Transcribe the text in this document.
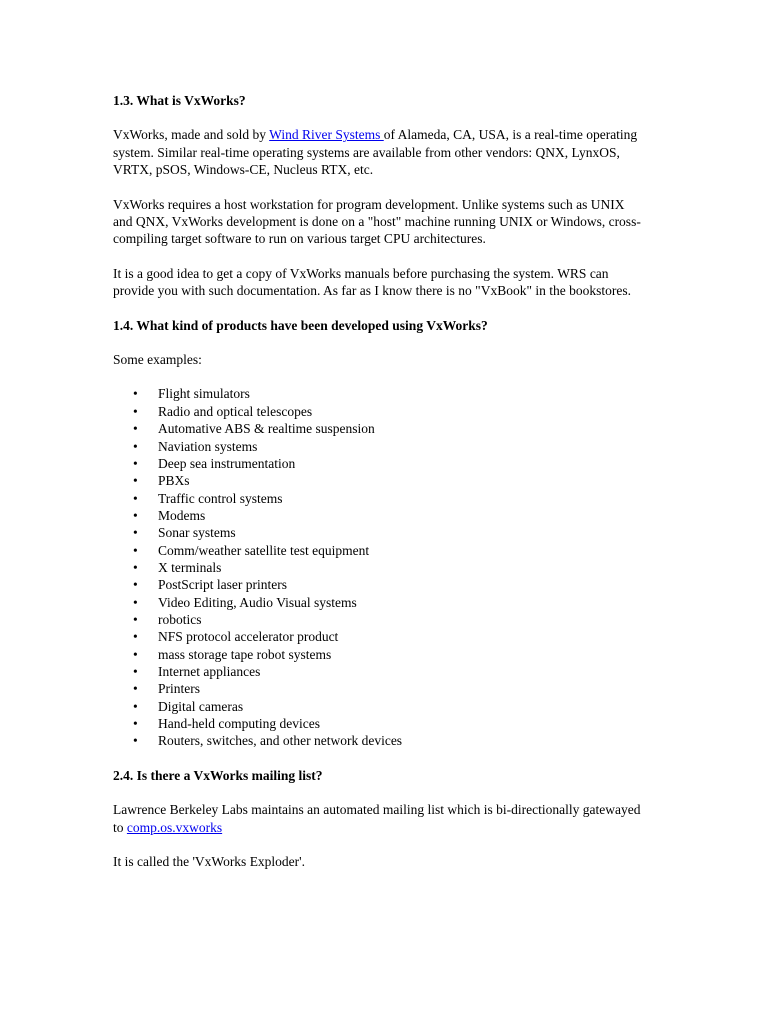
1.3. What is VxWorks?

VxWorks, made and sold by Wind River Systems of Alameda, CA, USA, is a real-time operating system. Similar real-time operating systems are available from other vendors: QNX, LynxOS, VRTX, pSOS, Windows-CE, Nucleus RTX, etc.

VxWorks requires a host workstation for program development. Unlike systems such as UNIX and QNX, VxWorks development is done on a "host" machine running UNIX or Windows, cross-compiling target software to run on various target CPU architectures.

It is a good idea to get a copy of VxWorks manuals before purchasing the system. WRS can provide you with such documentation. As far as I know there is no "VxBook" in the bookstores.

1.4. What kind of products have been developed using VxWorks?

Some examples:

• Flight simulators
• Radio and optical telescopes
• Automative ABS & realtime suspension
• Naviation systems
• Deep sea instrumentation
• PBXs
• Traffic control systems
• Modems
• Sonar systems
• Comm/weather satellite test equipment
• X terminals
• PostScript laser printers
• Video Editing, Audio Visual systems
• robotics
• NFS protocol accelerator product
• mass storage tape robot systems
• Internet appliances
• Printers
• Digital cameras
• Hand-held computing devices
• Routers, switches, and other network devices
2.4. Is there a VxWorks mailing list?

Lawrence Berkeley Labs maintains an automated mailing list which is bi-directionally gatewayed to comp.os.vxworks

It is called the 'VxWorks Exploder'.
